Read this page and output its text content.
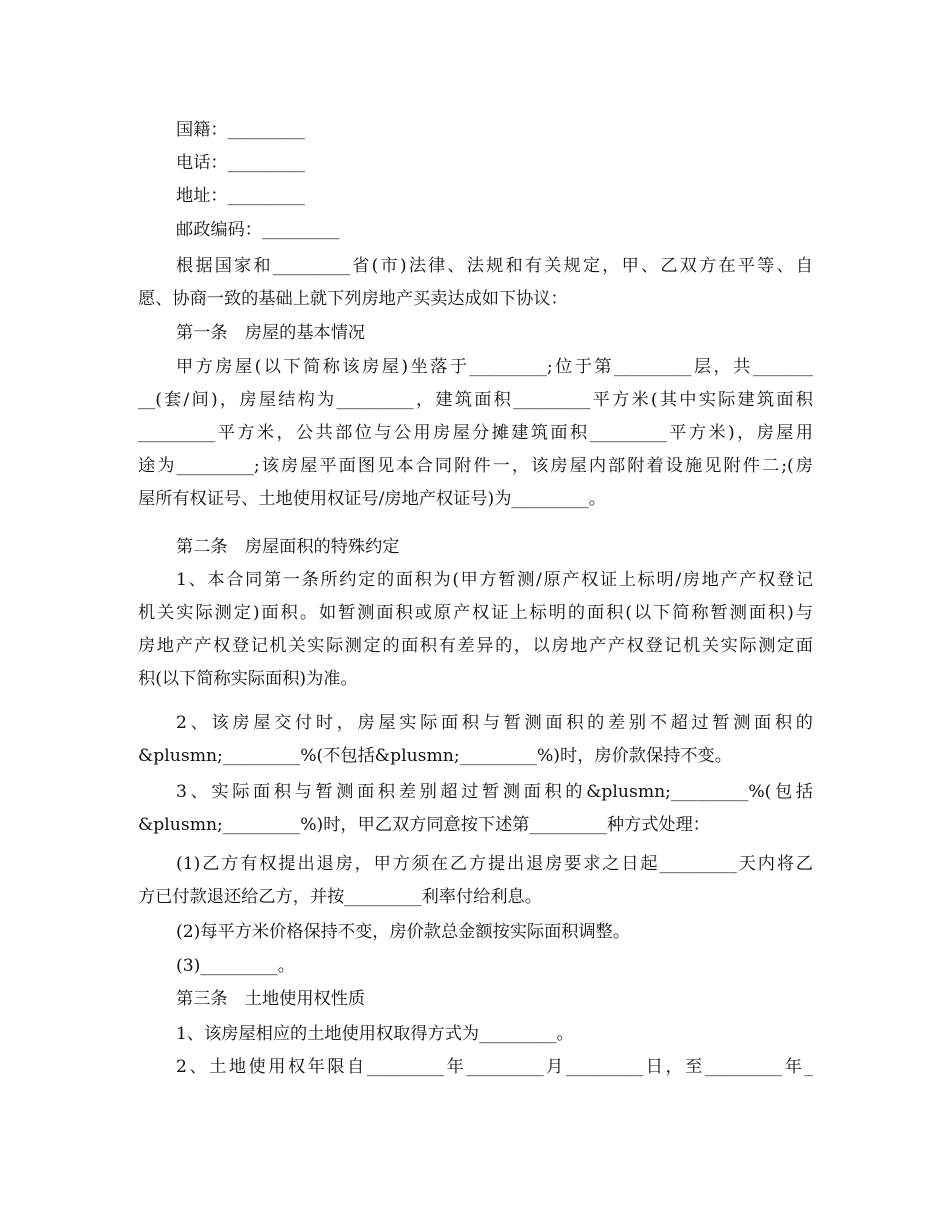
国籍：_________

电话：_________

地址：_________

邮政编码：_________

根据国家和_________省(市)法律、法规和有关规定，甲、乙双方在平等、自
愿、协商一致的基础上就下列房地产买卖达成如下协议：

第一条　房屋的基本情况

甲方房屋(以下简称该房屋)坐落于_________;位于第_________层，共_______
__(套/间)，房屋结构为_________，建筑面积_________平方米(其中实际建筑面积
_________平方米，公共部位与公用房屋分摊建筑面积_________平方米)，房屋用
途为_________;该房屋平面图见本合同附件一，该房屋内部附着设施见附件二;(房
屋所有权证号、土地使用权证号/房地产权证号)为_________。

第二条　房屋面积的特殊约定

1、本合同第一条所约定的面积为(甲方暂测/原产权证上标明/房地产产权登记
机关实际测定)面积。如暂测面积或原产权证上标明的面积(以下简称暂测面积)与
房地产产权登记机关实际测定的面积有差异的，以房地产产权登记机关实际测定面
积(以下简称实际面积)为准。

2、该房屋交付时，房屋实际面积与暂测面积的差别不超过暂测面积的
&plusmn;_________%(不包括&plusmn;_________%)时，房价款保持不变。

3、实际面积与暂测面积差别超过暂测面积的&plusmn;_________%(包括
&plusmn;_________%)时，甲乙双方同意按下述第_________种方式处理：

(1)乙方有权提出退房，甲方须在乙方提出退房要求之日起_________天内将乙
方已付款退还给乙方，并按_________利率付给利息。

(2)每平方米价格保持不变，房价款总金额按实际面积调整。

(3)_________。

第三条　土地使用权性质

1、该房屋相应的土地使用权取得方式为_________。

2、土地使用权年限自_________年_________月_________日，至_________年_
